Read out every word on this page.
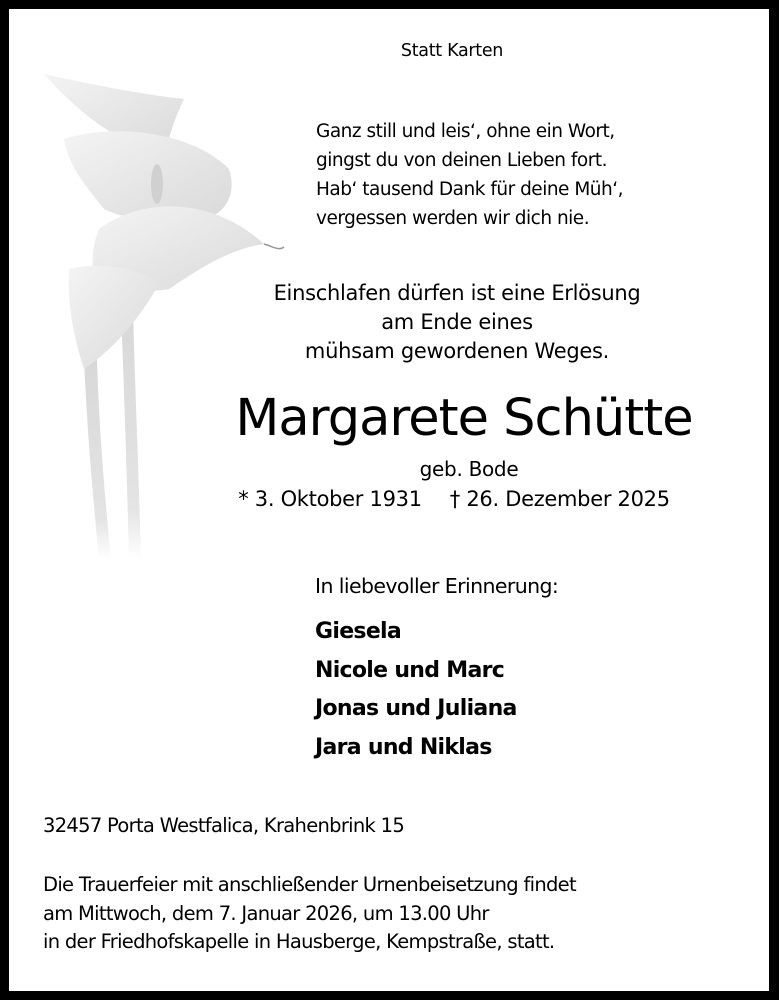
Statt Karten
Ganz still und leis‘, ohne ein Wort,
gingst du von deinen Lieben fort.
Hab‘ tausend Dank für deine Müh‘,
vergessen werden wir dich nie.
Einschlafen dürfen ist eine Erlösung
am Ende eines
mühsam gewordenen Weges.
Margarete Schütte
geb. Bode
* 3. Oktober 1931 † 26. Dezember 2025
In liebevoller Erinnerung:
Giesela
Nicole und Marc
Jonas und Juliana
Jara und Niklas
32457 Porta Westfalica, Krahenbrink 15
Die Trauerfeier mit anschließender Urnenbeisetzung findet
am Mittwoch, dem 7. Januar 2026, um 13.00 Uhr
in der Friedhofskapelle in Hausberge, Kempstraße, statt.
